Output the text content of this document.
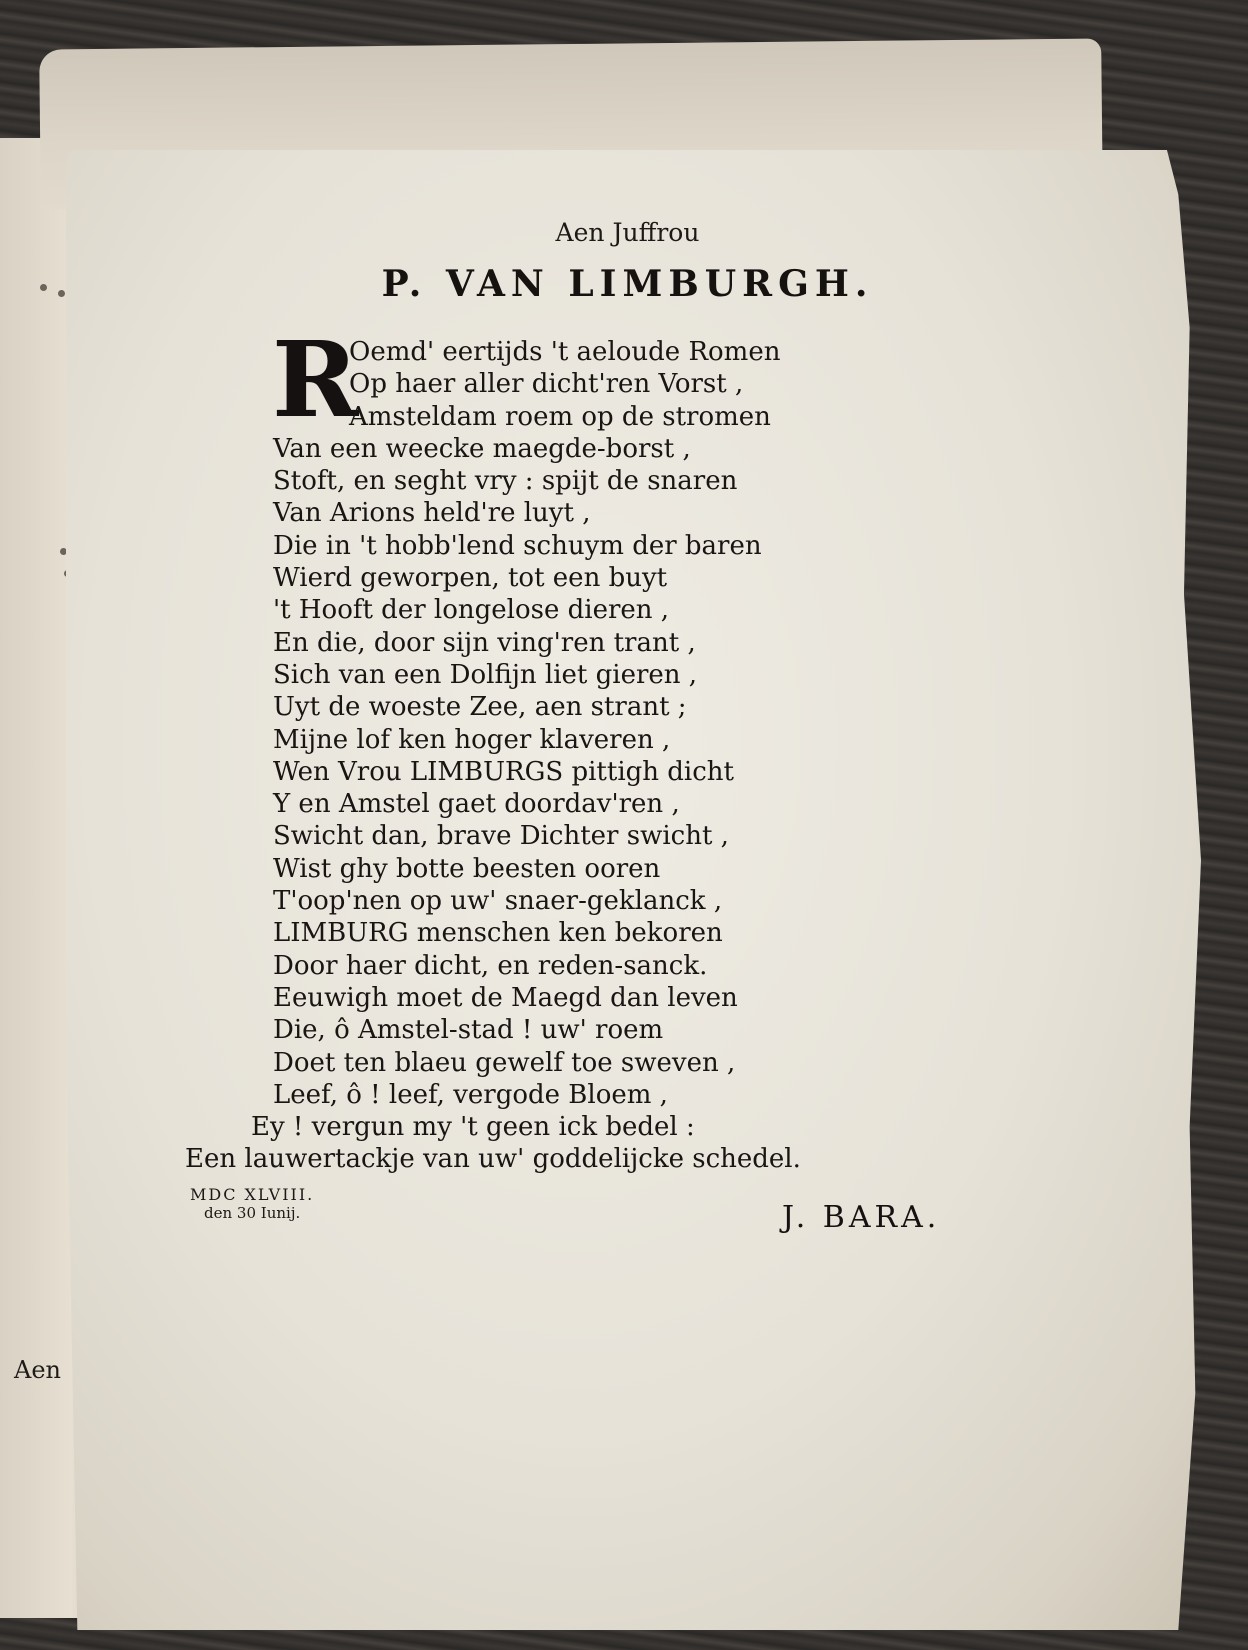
Aen
Aen Juffrou
P. VAN LIMBURGH.
R
Oemd' eertijds 't aeloude Romen
Op haer aller dicht'ren Vorst ,
Amsteldam roem op de stromen
Van een weecke maegde-borst ,
Stoft, en seght vry : spijt de snaren
Van Arions held're luyt ,
Die in 't hobb'lend schuym der baren
Wierd geworpen, tot een buyt
't Hooft der longelose dieren ,
En die, door sijn ving'ren trant ,
Sich van een Dolfijn liet gieren ,
Uyt de woeste Zee, aen strant ;
Mijne lof ken hoger klaveren ,
Wen Vrou LIMBURGS pittigh dicht
Y en Amstel gaet doordav'ren ,
Swicht dan, brave Dichter swicht ,
Wist ghy botte beesten ooren
T'oop'nen op uw' snaer-geklanck ,
LIMBURG menschen ken bekoren
Door haer dicht, en reden-sanck.
Eeuwigh moet de Maegd dan leven
Die, ô Amstel-stad ! uw' roem
Doet ten blaeu gewelf toe sweven ,
Leef, ô ! leef, vergode Bloem ,
Ey ! vergun my 't geen ick bedel :
Een lauwertackje van uw' goddelijcke schedel.
MDC XLVIII.
den 30 Iunij.	J. BARA.
